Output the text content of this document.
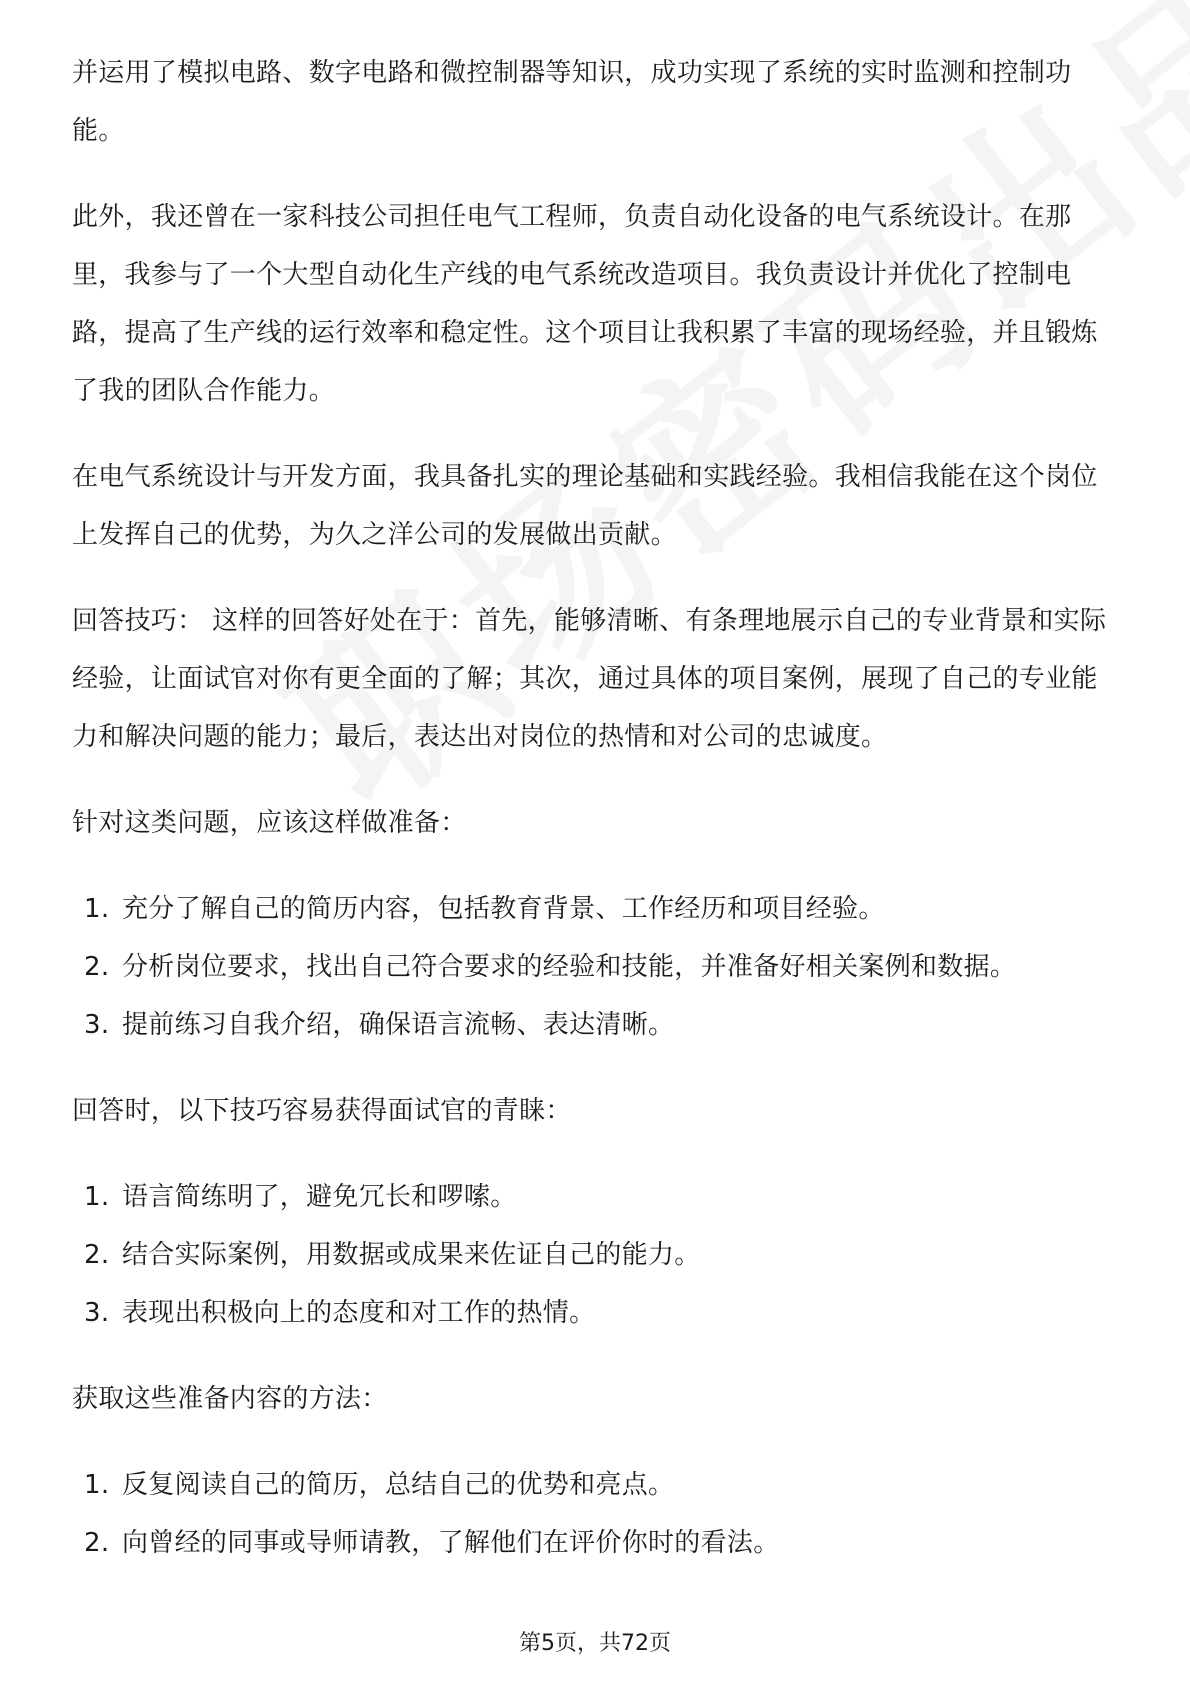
并运用了模拟电路、数字电路和微控制器等知识，成功实现了系统的实时监测和控制功能。

此外，我还曾在一家科技公司担任电气工程师，负责自动化设备的电气系统设计。在那里，我参与了一个大型自动化生产线的电气系统改造项目。我负责设计并优化了控制电路，提高了生产线的运行效率和稳定性。这个项目让我积累了丰富的现场经验，并且锻炼了我的团队合作能力。

在电气系统设计与开发方面，我具备扎实的理论基础和实践经验。我相信我能在这个岗位上发挥自己的优势，为久之洋公司的发展做出贡献。

回答技巧： 这样的回答好处在于：首先，能够清晰、有条理地展示自己的专业背景和实际经验，让面试官对你有更全面的了解；其次，通过具体的项目案例，展现了自己的专业能力和解决问题的能力；最后，表达出对岗位的热情和对公司的忠诚度。

针对这类问题，应该这样做准备：

1. 充分了解自己的简历内容，包括教育背景、工作经历和项目经验。
2. 分析岗位要求，找出自己符合要求的经验和技能，并准备好相关案例和数据。
3. 提前练习自我介绍，确保语言流畅、表达清晰。

回答时，以下技巧容易获得面试官的青睐：

1. 语言简练明了，避免冗长和啰嗦。
2. 结合实际案例，用数据或成果来佐证自己的能力。
3. 表现出积极向上的态度和对工作的热情。

获取这些准备内容的方法：

1. 反复阅读自己的简历，总结自己的优势和亮点。
2. 向曾经的同事或导师请教，了解他们在评价你时的看法。
第5页，共72页
